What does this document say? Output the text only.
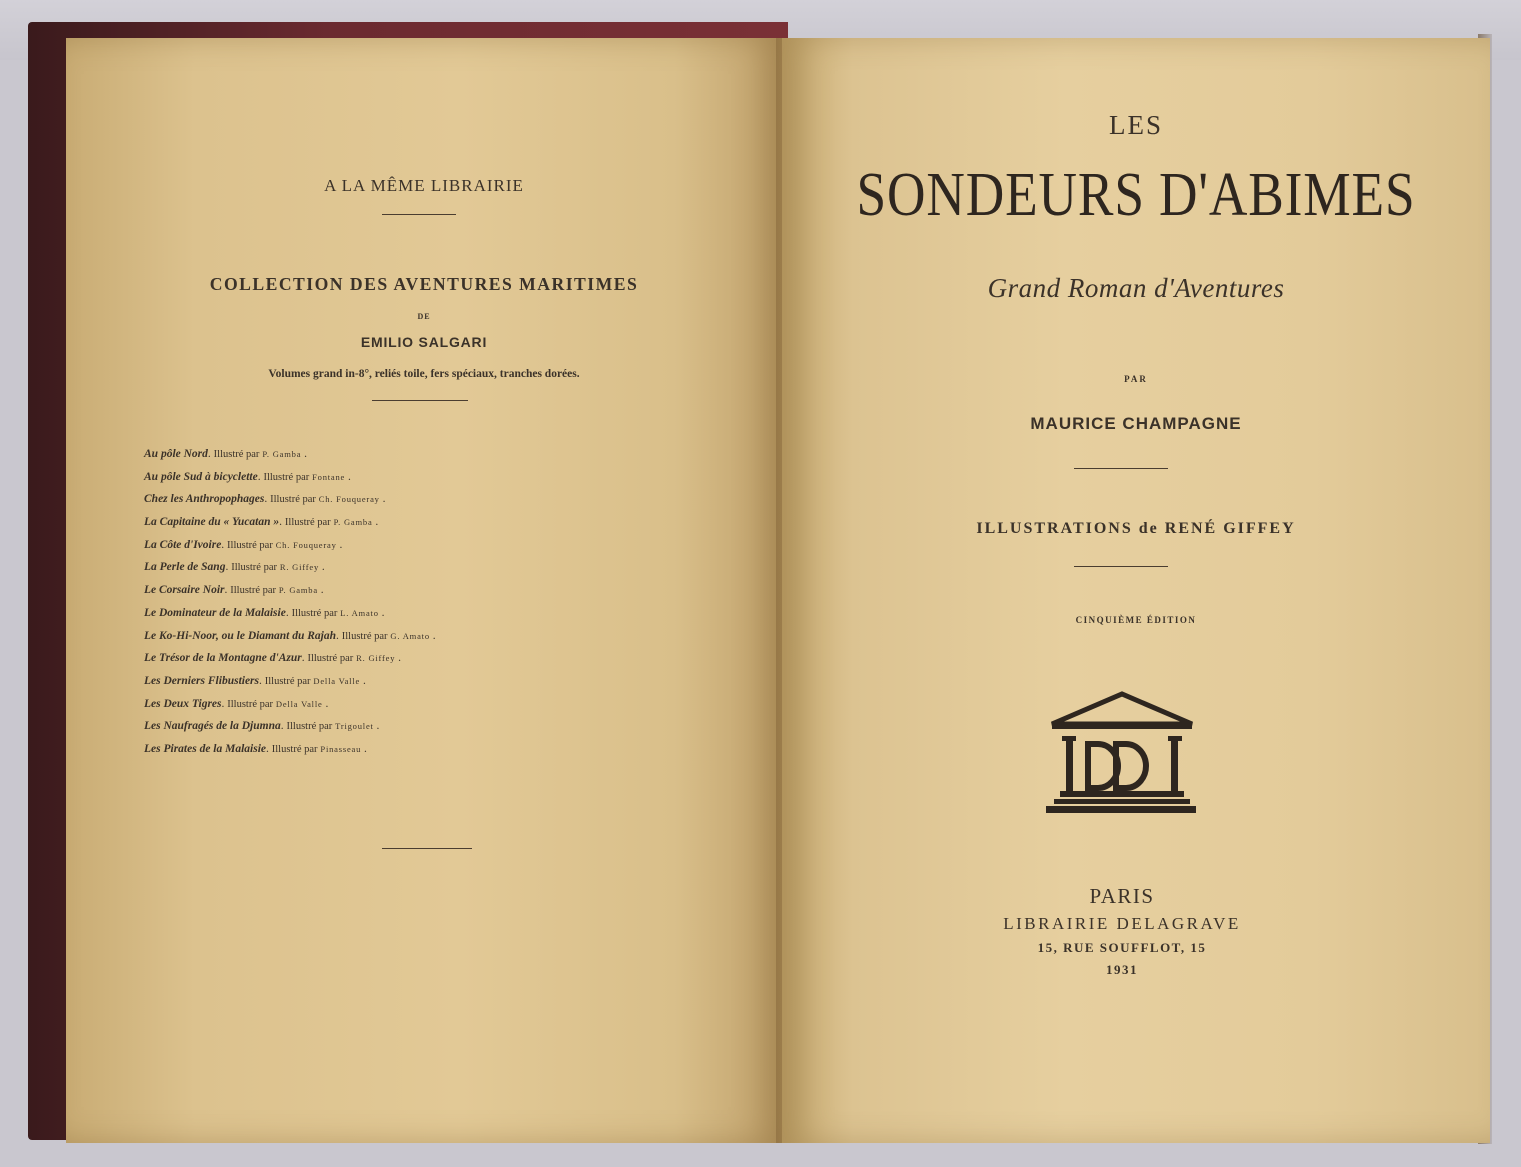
A LA MÊME LIBRAIRIE
COLLECTION DES AVENTURES MARITIMES
DE
EMILIO SALGARI
Volumes grand in-8°, reliés toile, fers spéciaux, tranches dorées.
Au pôle Nord. Illustré par P. Gamba .
Au pôle Sud à bicyclette. Illustré par Fontane .
Chez les Anthropophages. Illustré par Ch. Fouqueray .
La Capitaine du « Yucatan ». Illustré par P. Gamba .
La Côte d'Ivoire. Illustré par Ch. Fouqueray .
La Perle de Sang. Illustré par R. Giffey .
Le Corsaire Noir. Illustré par P. Gamba .
Le Dominateur de la Malaisie. Illustré par L. Amato .
Le Ko-Hi-Noor, ou le Diamant du Rajah. Illustré par G. Amato .
Le Trésor de la Montagne d'Azur. Illustré par R. Giffey .
Les Derniers Flibustiers. Illustré par Della Valle .
Les Deux Tigres. Illustré par Della Valle .
Les Naufragés de la Djumna. Illustré par Trigoulet .
Les Pirates de la Malaisie. Illustré par Pinasseau .
LES
SONDEURS D'ABIMES
Grand Roman d'Aventures
PAR
MAURICE CHAMPAGNE
ILLUSTRATIONS de RENÉ GIFFEY
CINQUIÈME ÉDITION
PARIS
LIBRAIRIE DELAGRAVE
15, RUE SOUFFLOT, 15
1931
